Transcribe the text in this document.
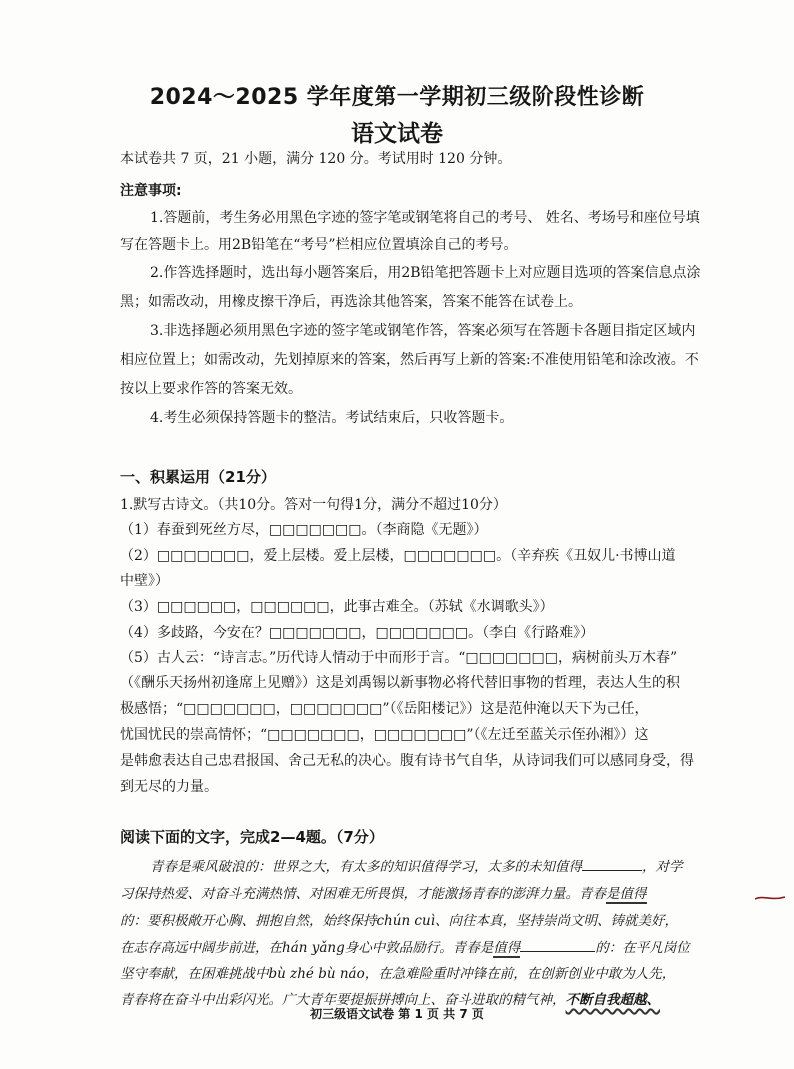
2024～2025 学年度第一学期初三级阶段性诊断
语文试卷
本试卷共 7 页，21 小题，满分 120 分。考试用时 120 分钟。
注意事项:
1.答题前，考生务必用黑色字迹的签字笔或钢笔将自己的考号、 姓名、考场号和座位号填
写在答题卡上。用2B铅笔在“考号”栏相应位置填涂自己的考号。
2.作答选择题时，选出每小题答案后，用2B铅笔把答题卡上对应题目选项的答案信息点涂
黑；如需改动，用橡皮擦干净后，再选涂其他答案，答案不能答在试卷上。
3.非选择题必须用黑色字迹的签字笔或钢笔作答，答案必须写在答题卡各题目指定区域内
相应位置上；如需改动，先划掉原来的答案，然后再写上新的答案:不准使用铅笔和涂改液。不
按以上要求作答的答案无效。
4.考生必须保持答题卡的整洁。考试结束后，只收答题卡。
一、积累运用（21分）
1.默写古诗文。（共10分。答对一句得1分，满分不超过10分）
（1）春蚕到死丝方尽，□□□□□□□。（李商隐《无题》）
（2）□□□□□□□，爱上层楼。爱上层楼，□□□□□□□。（辛弃疾《丑奴儿·书博山道
中壁》）
（3）□□□□□□，□□□□□□，此事古难全。（苏轼《水调歌头》）
（4）多歧路，今安在？□□□□□□□，□□□□□□□。（李白《行路难》）
（5）古人云：“诗言志。”历代诗人情动于中而形于言。“□□□□□□□，病树前头万木春”
（《酬乐天扬州初逢席上见赠》）这是刘禹锡以新事物必将代替旧事物的哲理，表达人生的积
极感悟；“□□□□□□□，□□□□□□□”（《岳阳楼记》）这是范仲淹以天下为己任，
忧国忧民的崇高情怀；“□□□□□□□，□□□□□□□”（《左迁至蓝关示侄孙湘》）这
是韩愈表达自己忠君报国、舍己无私的决心。腹有诗书气自华，从诗词我们可以感同身受，得
到无尽的力量。
阅读下面的文字，完成2—4题。（7分）
青春是乘风破浪的：世界之大，有太多的知识值得学习，太多的未知值得	，对学
习保持热爱、对奋斗充满热情、对困难无所畏惧，才能激扬青春的澎湃力量。青春是值得
的：要积极敞开心胸、拥抱自然，始终保持chún cuì、向往本真，坚持崇尚文明、铸就美好，
在志存高远中阔步前进，在hán yǎng身心中敦品励行。青春是值得	的：在平凡岗位
坚守奉献，在困难挑战中bù zhé bù náo，在急难险重时冲锋在前，在创新创业中敢为人先，
青春将在奋斗中出彩闪光。广大青年要提振拼搏向上、奋斗进取的精气神，不断自我超越、
初三级语文试卷 第 1 页 共 7 页
